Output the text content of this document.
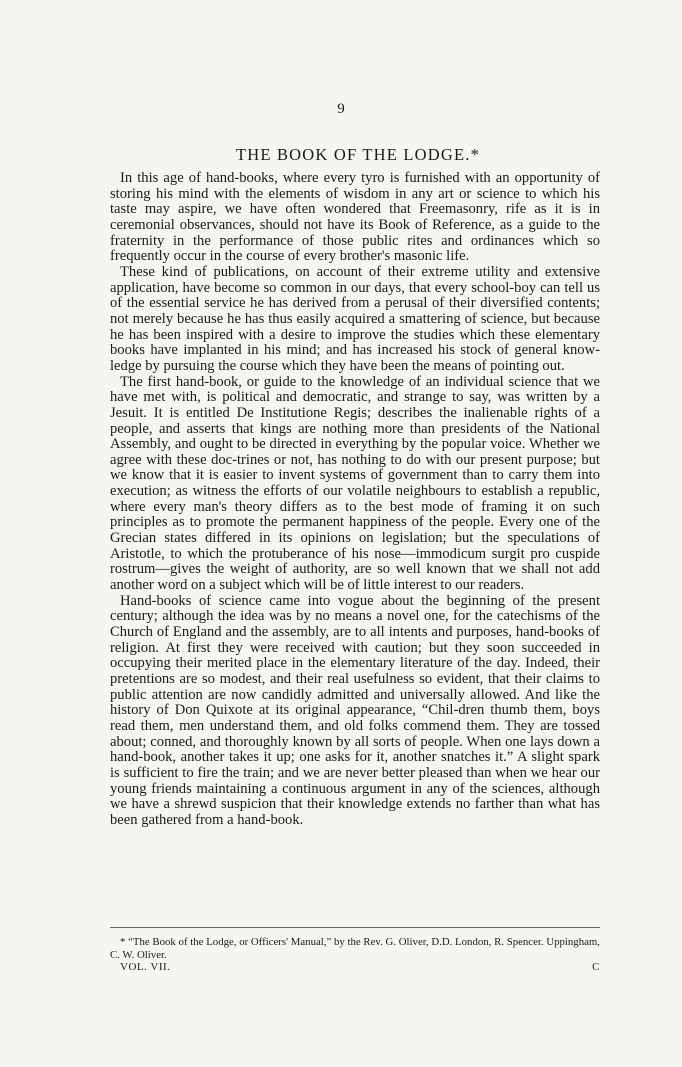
9
THE BOOK OF THE LODGE.*

In this age of hand-books, where every tyro is furnished with an opportunity of storing his mind with the elements of wisdom in any art or science to which his taste may aspire, we have often wondered that Freemasonry, rife as it is in ceremonial observances, should not have its Book of Reference, as a guide to the fraternity in the performance of those public rites and ordinances which so frequently occur in the course of every brother's masonic life.

These kind of publications, on account of their extreme utility and extensive application, have become so common in our days, that every school-boy can tell us of the essential service he has derived from a perusal of their diversified contents; not merely because he has thus easily acquired a smattering of science, but because he has been inspired with a desire to improve the studies which these elementary books have implanted in his mind; and has increased his stock of general know-ledge by pursuing the course which they have been the means of pointing out.

The first hand-book, or guide to the knowledge of an individual science that we have met with, is political and democratic, and strange to say, was written by a Jesuit. It is entitled De Institutione Regis; describes the inalienable rights of a people, and asserts that kings are nothing more than presidents of the National Assembly, and ought to be directed in everything by the popular voice. Whether we agree with these doc-trines or not, has nothing to do with our present purpose; but we know that it is easier to invent systems of government than to carry them into execution; as witness the efforts of our volatile neighbours to establish a republic, where every man's theory differs as to the best mode of framing it on such principles as to promote the permanent happiness of the people. Every one of the Grecian states differed in its opinions on legislation; but the speculations of Aristotle, to which the protuberance of his nose—immodicum surgit pro cuspide rostrum—gives the weight of authority, are so well known that we shall not add another word on a subject which will be of little interest to our readers.

Hand-books of science came into vogue about the beginning of the present century; although the idea was by no means a novel one, for the catechisms of the Church of England and the assembly, are to all intents and purposes, hand-books of religion. At first they were received with caution; but they soon succeeded in occupying their merited place in the elementary literature of the day. Indeed, their pretentions are so modest, and their real usefulness so evident, that their claims to public attention are now candidly admitted and universally allowed. And like the history of Don Quixote at its original appearance, “Chil-dren thumb them, boys read them, men understand them, and old folks commend them. They are tossed about; conned, and thoroughly known by all sorts of people. When one lays down a hand-book, another takes it up; one asks for it, another snatches it.” A slight spark is sufficient to fire the train; and we are never better pleased than when we hear our young friends maintaining a continuous argument in any of the sciences, although we have a shrewd suspicion that their knowledge extends no farther than what has been gathered from a hand-book.

* “The Book of the Lodge, or Officers' Manual,” by the Rev. G. Oliver, D.D. London, R. Spencer. Uppingham, C. W. Oliver.

VOL. VII.	C
